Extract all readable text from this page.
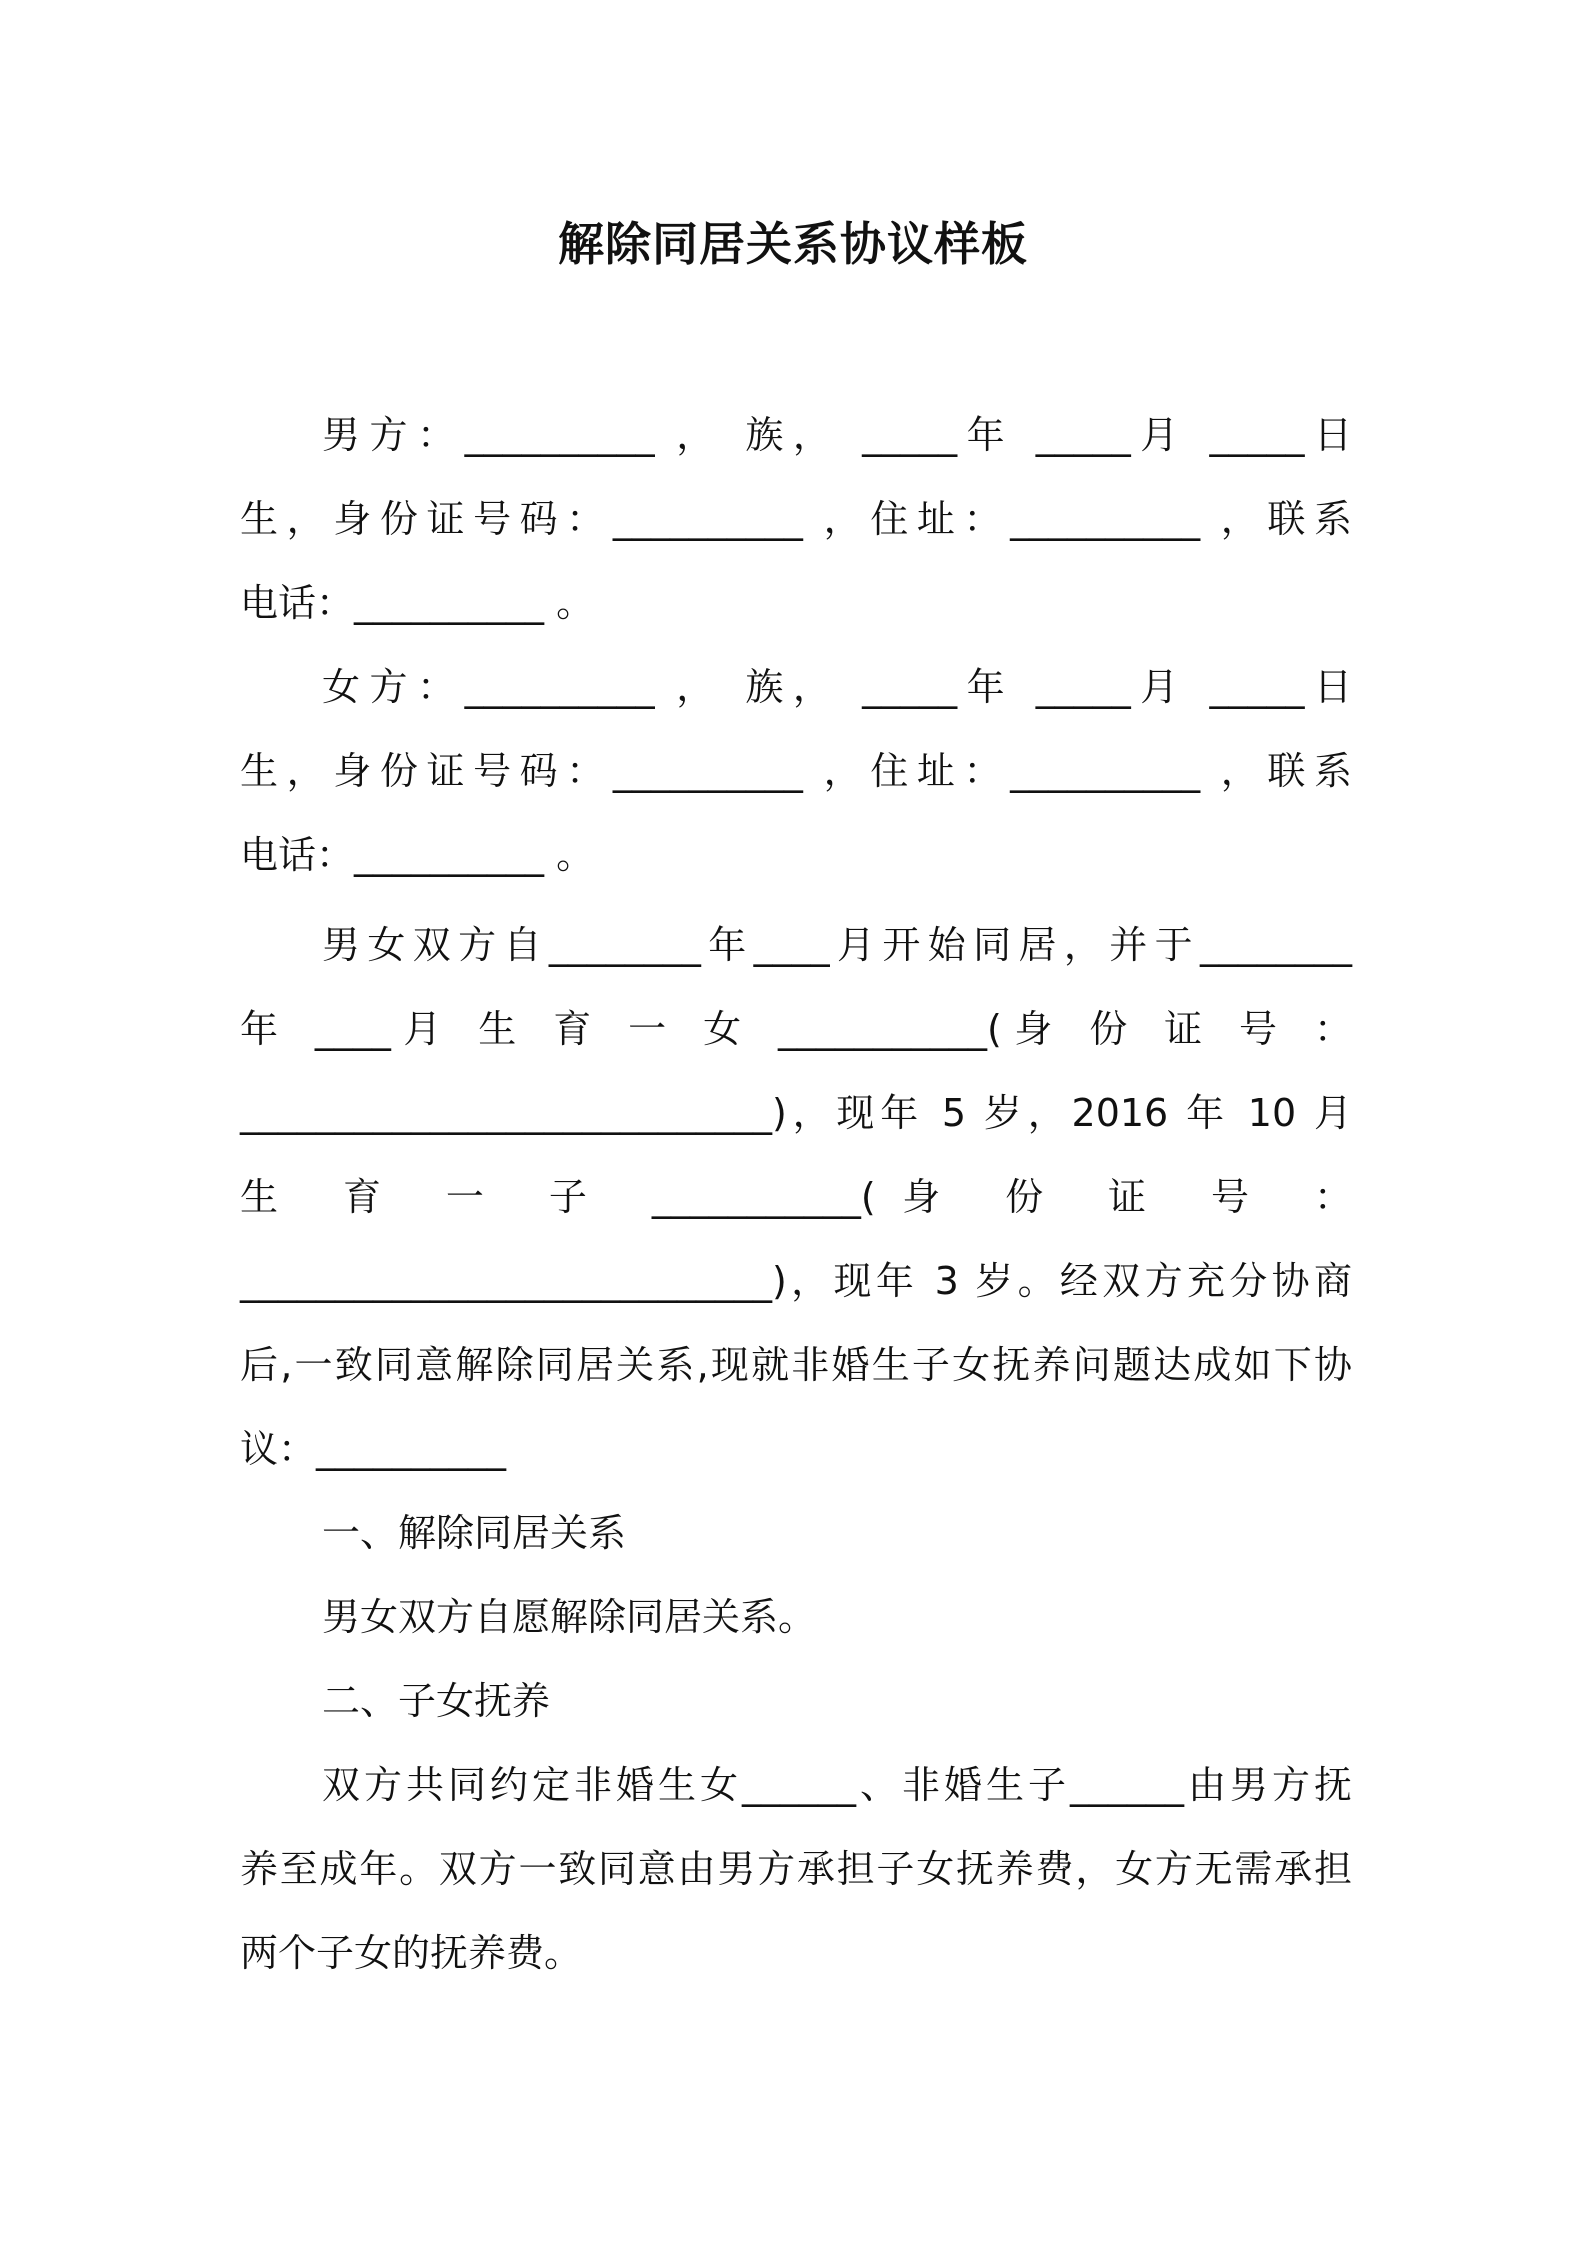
解除同居关系协议样板
男方：__________ ， 族， _____年 _____月 _____日
生，身份证号码：__________ ，住址：__________ ，联系
电话：__________ 。
女方：__________ ， 族， _____年 _____月 _____日
生，身份证号码：__________ ，住址：__________ ，联系
电话：__________ 。
男女双方自________年____月开始同居，并于________
年 ____月 生 育 一 女 ___________(身 份 证 号 ：
____________________________)，现年 5 岁，2016 年 10 月
生 育 一 子 ___________(身 份 证 号 ：
____________________________)，现年 3 岁。经双方充分协商
后,一致同意解除同居关系,现就非婚生子女抚养问题达成如下协
议：__________
一、解除同居关系
男女双方自愿解除同居关系。
二、子女抚养
双方共同约定非婚生女______、非婚生子______由男方抚
养至成年。双方一致同意由男方承担子女抚养费，女方无需承担
两个子女的抚养费。
